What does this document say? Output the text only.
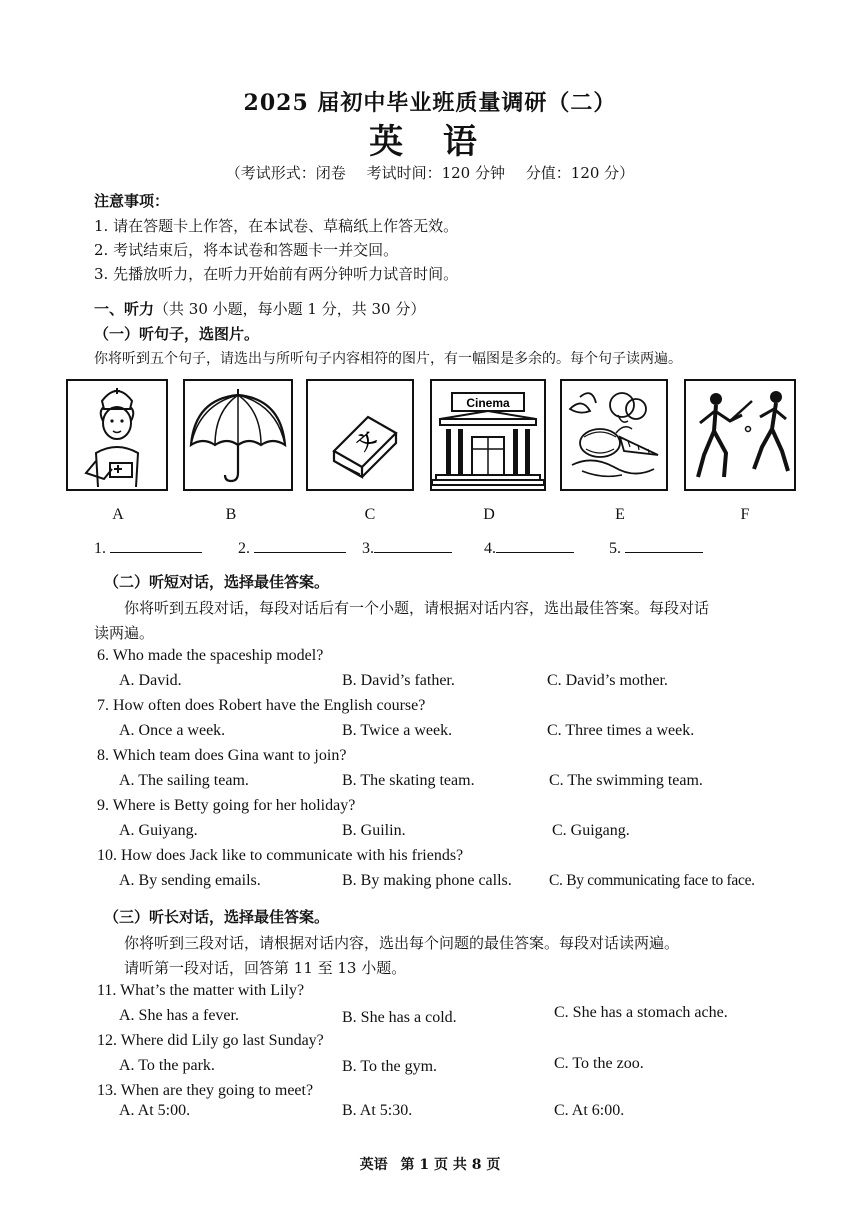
2025 届初中毕业班质量调研（二）
英 语
（考试形式：闭卷 考试时间：120 分钟 分值：120 分）
注意事项：
1. 请在答题卡上作答，在本试卷、草稿纸上作答无效。
2. 考试结束后，将本试卷和答题卡一并交回。
3. 先播放听力，在听力开始前有两分钟听力试音时间。
一、听力（共 30 小题，每小题 1 分，共 30 分）
（一）听句子，选图片。
你将听到五个句子，请选出与所听句子内容相符的图片，有一幅图是多余的。每个句子读两遍。
文
Cinema
A	B	C	D	E	F
1.	2.	3.	4.	5.
（二）听短对话，选择最佳答案。
你将听到五段对话，每段对话后有一个小题，请根据对话内容，选出最佳答案。每段对话
读两遍。
6. Who made the spaceship model?
A. David.	B. David’s father.	C. David’s mother.
7. How often does Robert have the English course?
A. Once a week.	B. Twice a week.	C. Three times a week.
8. Which team does Gina want to join?
A. The sailing team.	B. The skating team.	C. The swimming team.
9. Where is Betty going for her holiday?
A. Guiyang.	B. Guilin.	C. Guigang.
10. How does Jack like to communicate with his friends?
A. By sending emails.	B. By making phone calls. C. By communicating face to face.
（三）听长对话，选择最佳答案。
你将听到三段对话，请根据对话内容，选出每个问题的最佳答案。每段对话读两遍。
请听第一段对话，回答第 11 至 13 小题。
11. What’s the matter with Lily?
A. She has a fever.	B. She has a cold.	C. She has a stomach ache.
12. Where did Lily go last Sunday?
A. To the park.	B. To the gym.	C. To the zoo.
13. When are they going to meet?
A. At 5:00.	B. At 5:30.	C. At 6:00.
英语 第 1 页 共 8 页
